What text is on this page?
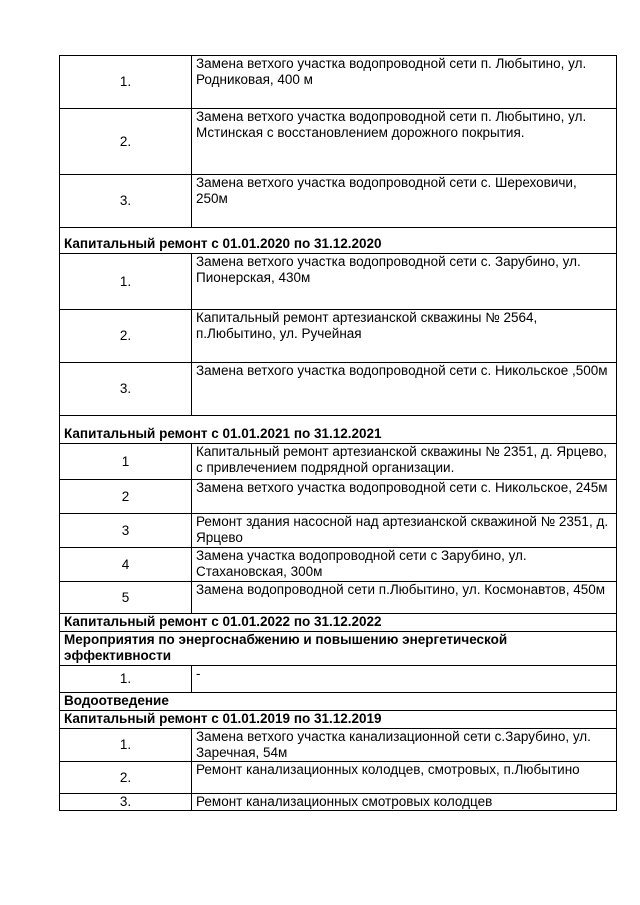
1.	Замена ветхого участка водопроводной сети п. Любытино, ул. Родниковая, 400 м
2.	Замена ветхого участка водопроводной сети п. Любытино, ул. Мстинская с восстановлением дорожного покрытия.
3.	Замена ветхого участка водопроводной сети с. Шереховичи, 250м
Капитальный ремонт с 01.01.2020 по 31.12.2020	
1.	Замена ветхого участка водопроводной сети с. Зарубино, ул. Пионерская, 430м
2.	Капитальный ремонт артезианской скважины № 2564, п.Любытино, ул. Ручейная
3.	Замена ветхого участка водопроводной сети с. Никольское ,500м
Капитальный ремонт с 01.01.2021 по 31.12.2021	
1	Капитальный ремонт артезианской скважины № 2351, д. Ярцево, с привлечением подрядной организации.
2	Замена ветхого участка водопроводной сети с. Никольское, 245м
3	Ремонт здания насосной над артезианской скважиной № 2351, д. Ярцево
4	Замена участка водопроводной сети с Зарубино, ул. Стахановская, 300м
5	Замена водопроводной сети п.Любытино, ул. Космонавтов, 450м
Капитальный ремонт с 01.01.2022 по 31.12.2022	
Мероприятия по энергоснабжению и повышению энергетической эффективности	
1.	-
Водоотведение	
Капитальный ремонт с 01.01.2019 по 31.12.2019	
1.	Замена ветхого участка канализационной сети с.Зарубино, ул. Заречная, 54м
2.	Ремонт канализационных колодцев, смотровых, п.Любытино
3.	Ремонт канализационных смотровых колодцев
